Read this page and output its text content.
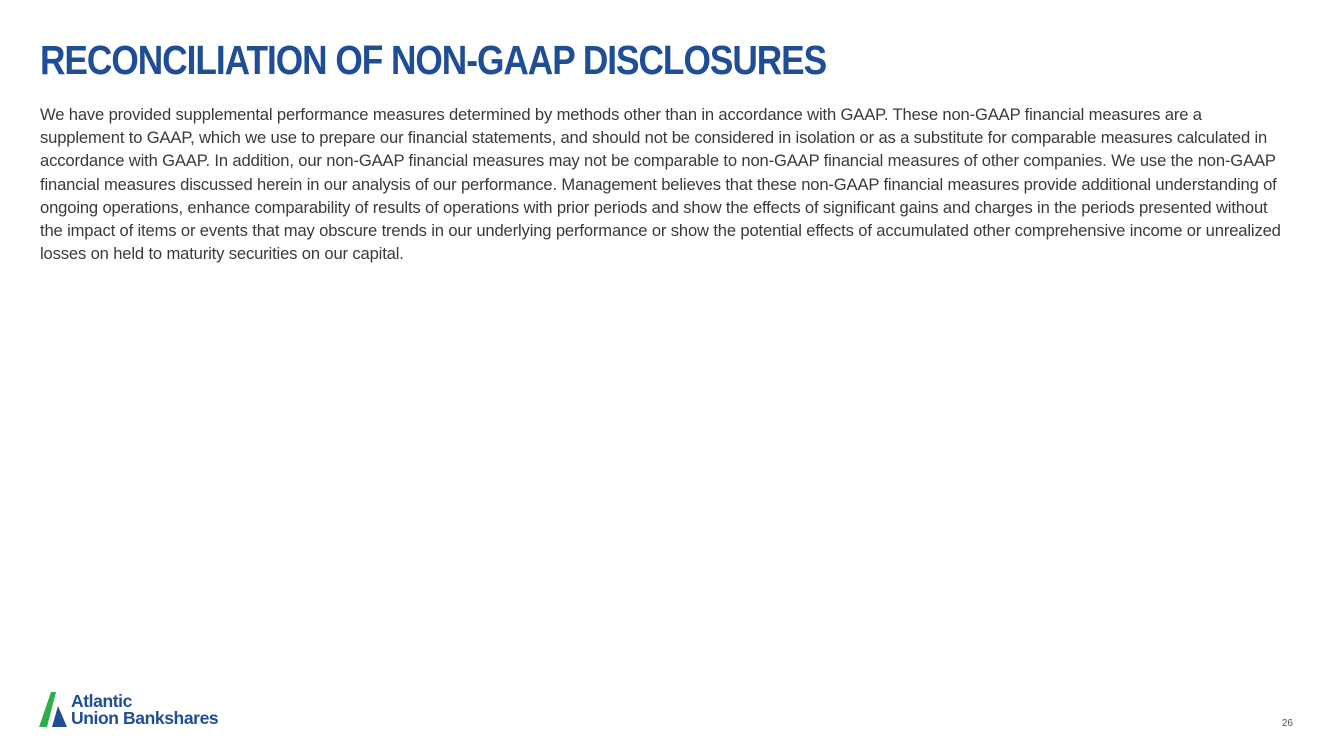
RECONCILIATION OF NON-GAAP DISCLOSURES

We have provided supplemental performance measures determined by methods other than in accordance with GAAP. These non-GAAP financial measures are a supplement to GAAP, which we use to prepare our financial statements, and should not be considered in isolation or as a substitute for comparable measures calculated in accordance with GAAP. In addition, our non-GAAP financial measures may not be comparable to non-GAAP financial measures of other companies. We use the non-GAAP financial measures discussed herein in our analysis of our performance. Management believes that these non-GAAP financial measures provide additional understanding of ongoing operations, enhance comparability of results of operations with prior periods and show the effects of significant gains and charges in the periods presented without the impact of items or events that may obscure trends in our underlying performance or show the potential effects of accumulated other comprehensive income or unrealized losses on held to maturity securities on our capital.

Atlantic
Union Bankshares	26
